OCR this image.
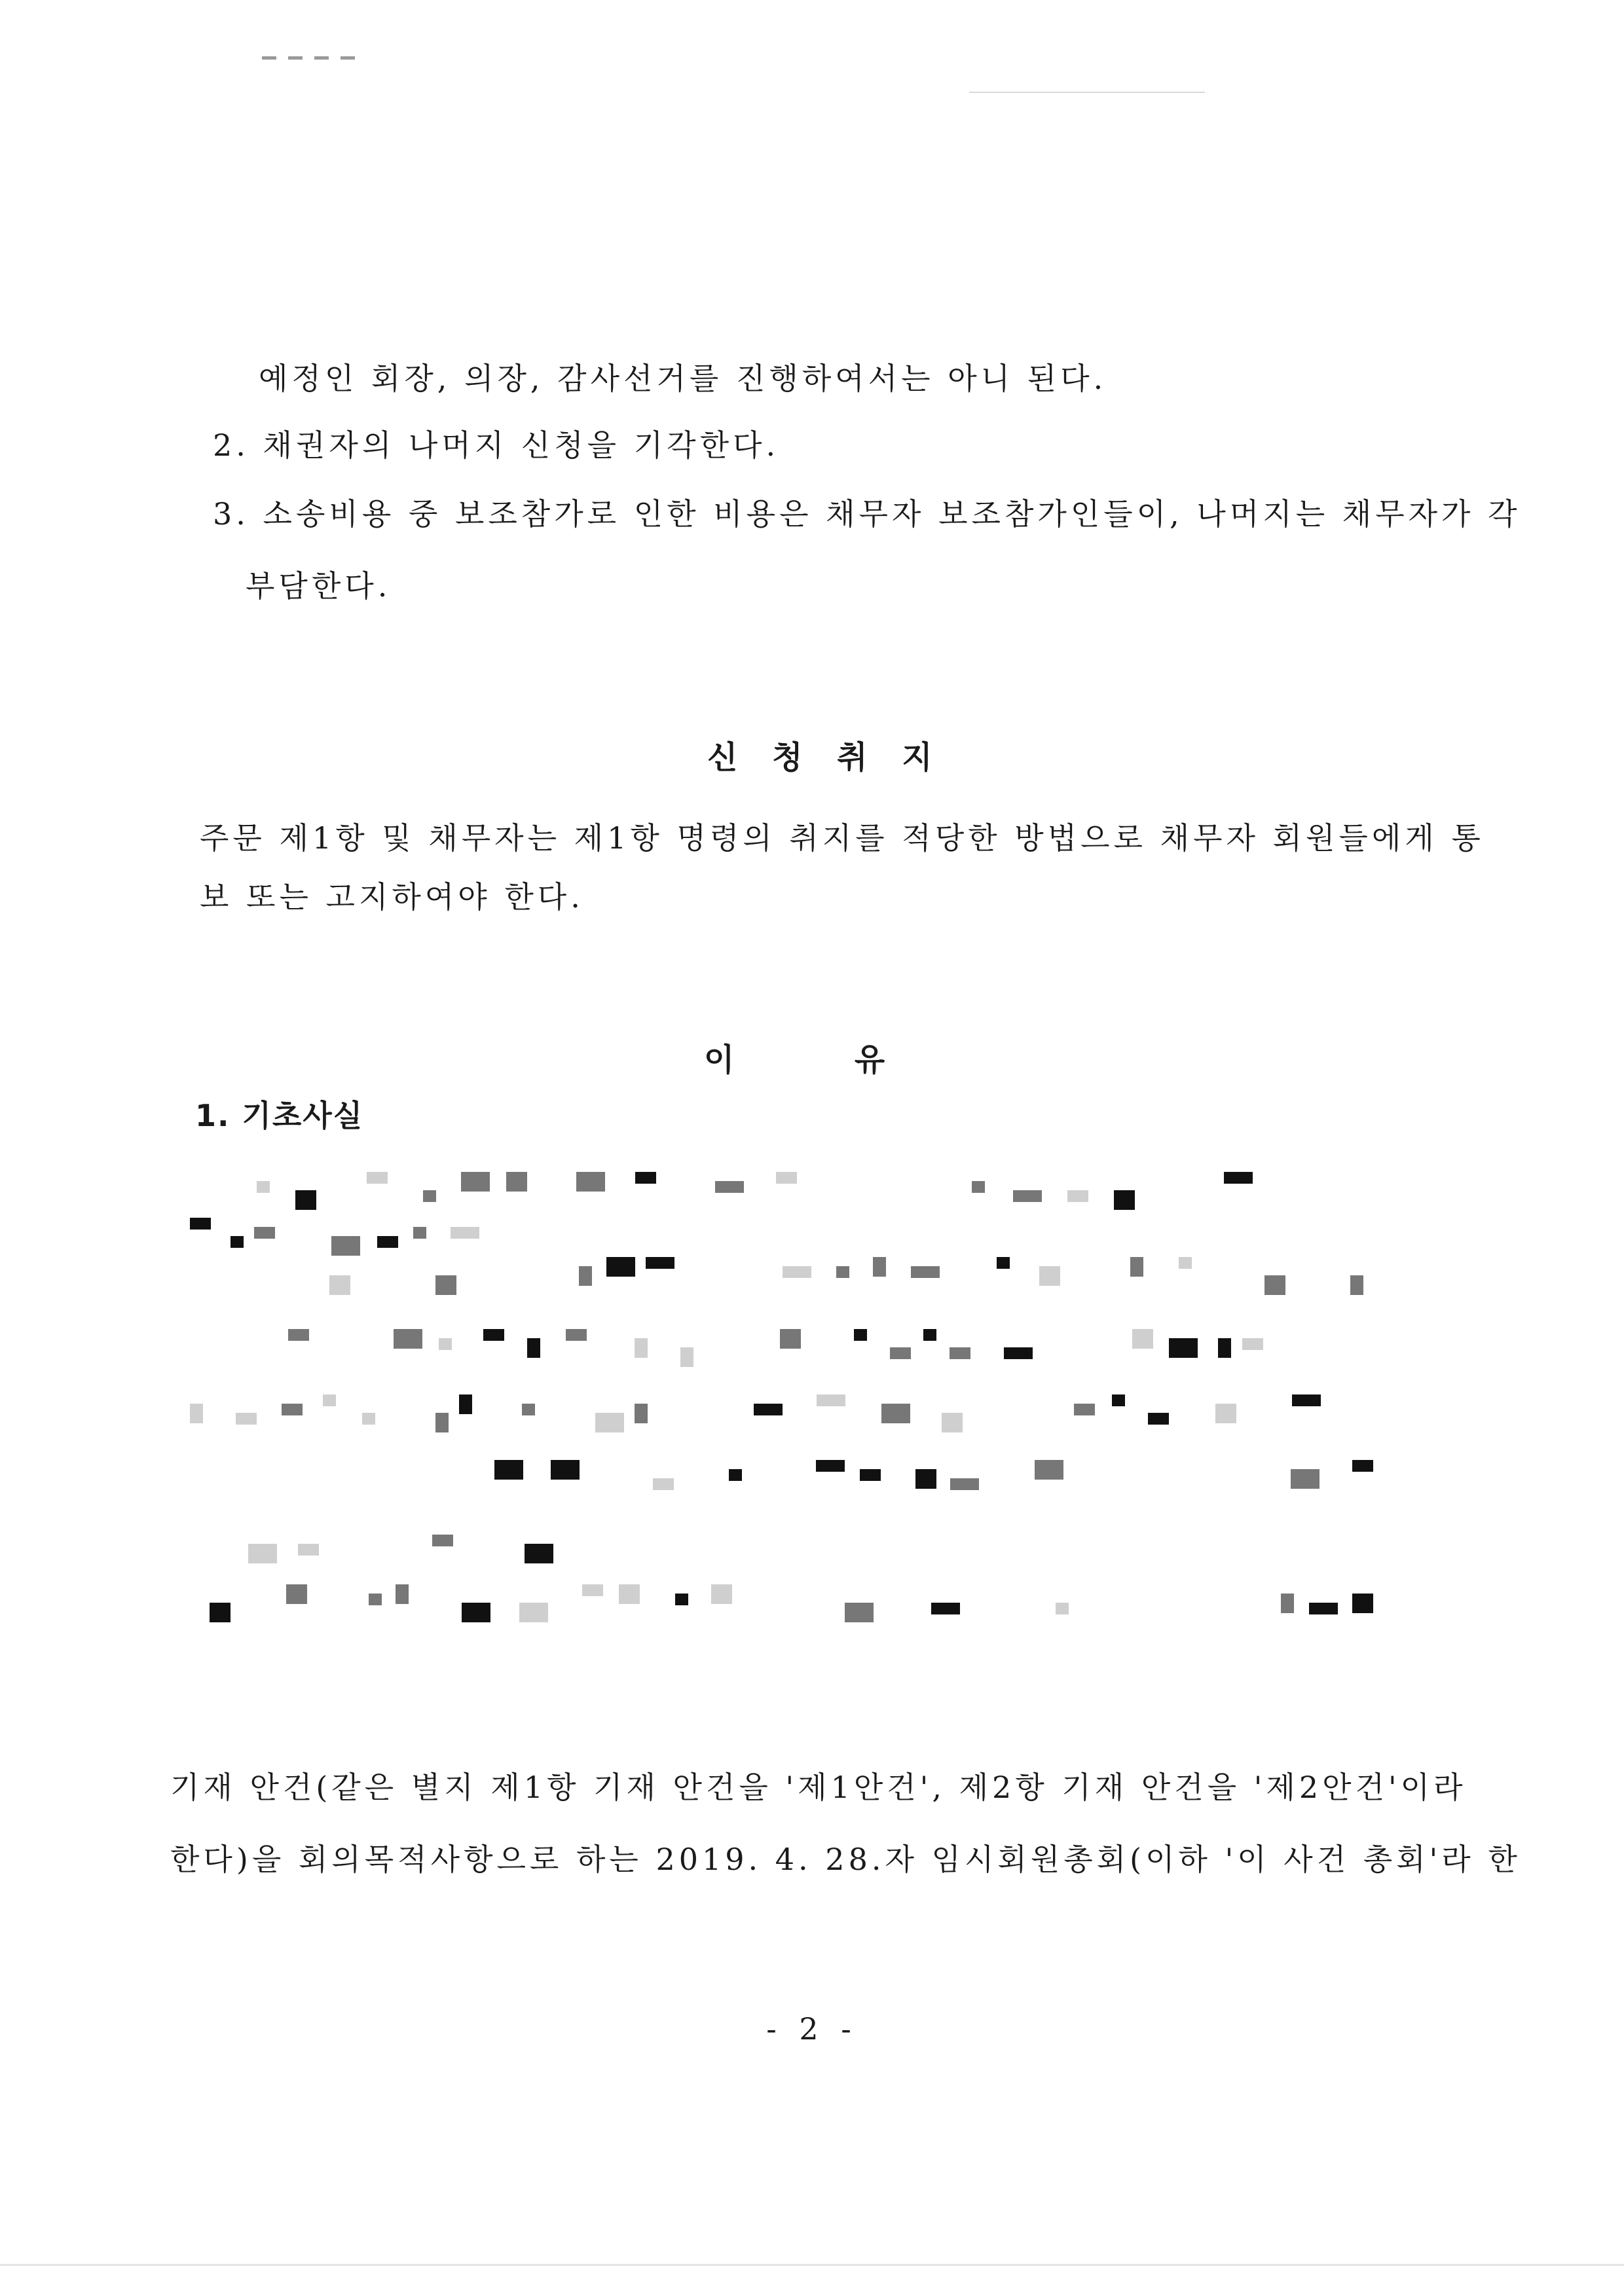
예정인 회장, 의장, 감사선거를 진행하여서는 아니 된다.
2. 채권자의 나머지 신청을 기각한다.
3. 소송비용 중 보조참가로 인한 비용은 채무자 보조참가인들이, 나머지는 채무자가 각
부담한다.
신 청 취 지
주문 제1항 및 채무자는 제1항 명령의 취지를 적당한 방법으로 채무자 회원들에게 통
보 또는 고지하여야 한다.
이	유
1. 기초사실
기재 안건(같은 별지 제1항 기재 안건을 '제1안건', 제2항 기재 안건을 '제2안건'이라
한다)을 회의목적사항으로 하는 2019. 4. 28.자 임시회원총회(이하 '이 사건 총회'라 한
- 2 -
